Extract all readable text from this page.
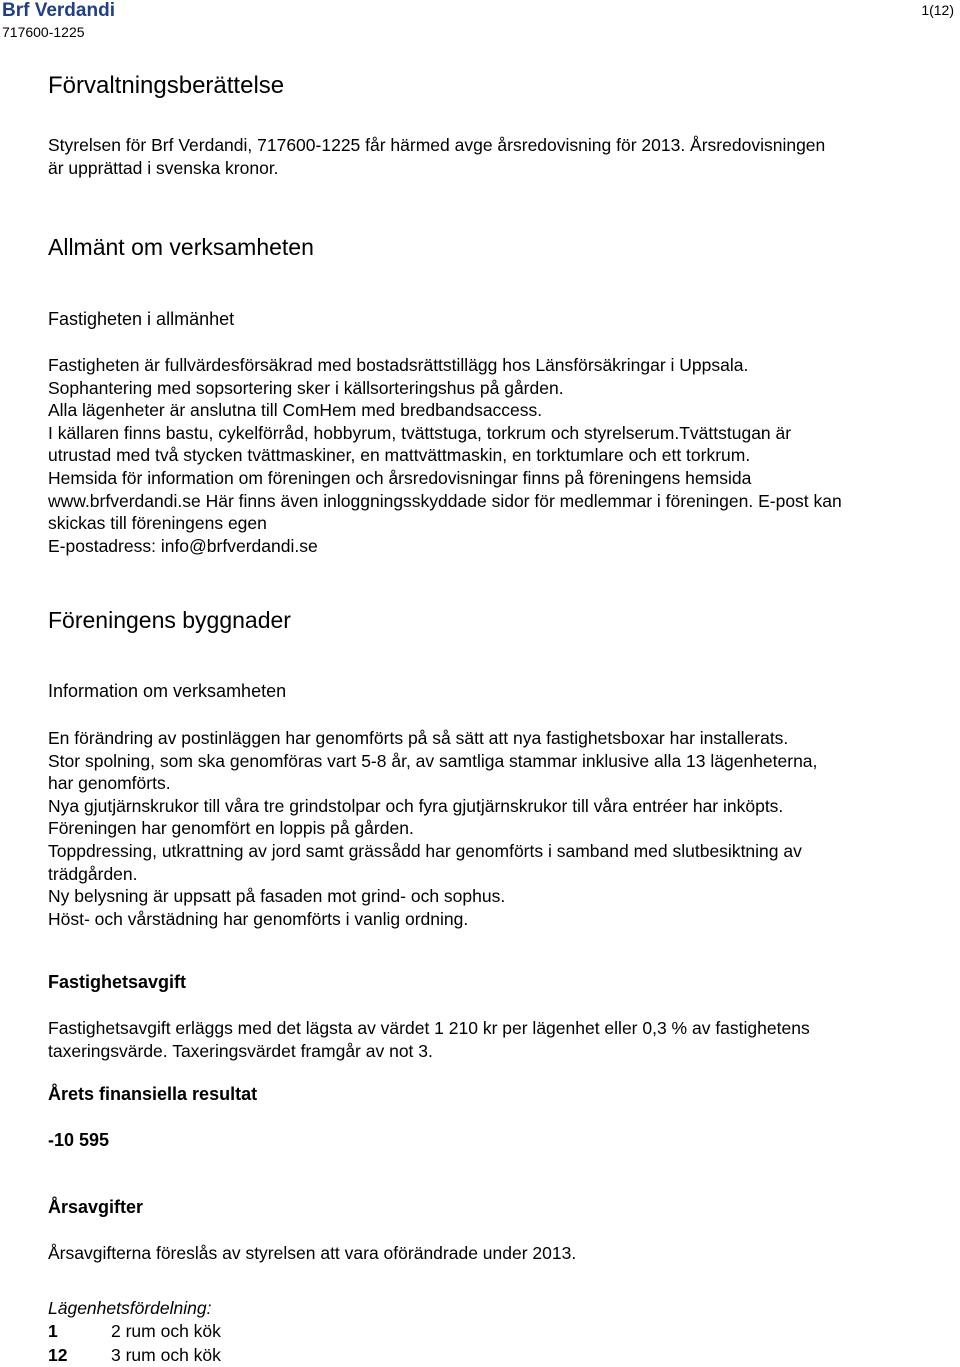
Brf Verdandi
717600-1225
1(12)
Förvaltningsberättelse
Styrelsen för Brf Verdandi, 717600-1225 får härmed avge årsredovisning för 2013. Årsredovisningen
är upprättad i svenska kronor.
Allmänt om verksamheten
Fastigheten i allmänhet
Fastigheten är fullvärdesförsäkrad med bostadsrättstillägg hos Länsförsäkringar i Uppsala.
Sophantering med sopsortering sker i källsorteringshus på gården.
Alla lägenheter är anslutna till ComHem med bredbandsaccess.
I källaren finns bastu, cykelförråd, hobbyrum, tvättstuga, torkrum och styrelserum.Tvättstugan är
utrustad med två stycken tvättmaskiner, en mattvättmaskin, en torktumlare och ett torkrum.
Hemsida för information om föreningen och årsredovisningar finns på föreningens hemsida
www.brfverdandi.se Här finns även inloggningsskyddade sidor för medlemmar i föreningen. E-post kan
skickas till föreningens egen
E-postadress: info@brfverdandi.se
Föreningens byggnader
Information om verksamheten
En förändring av postinläggen har genomförts på så sätt att nya fastighetsboxar har installerats.
Stor spolning, som ska genomföras vart 5-8 år, av samtliga stammar inklusive alla 13 lägenheterna,
har genomförts.
Nya gjutjärnskrukor till våra tre grindstolpar och fyra gjutjärnskrukor till våra entréer har inköpts.
Föreningen har genomfört en loppis på gården.
Toppdressing, utkrattning av jord samt grässådd har genomförts i samband med slutbesiktning av
trädgården.
Ny belysning är uppsatt på fasaden mot grind- och sophus.
Höst- och vårstädning har genomförts i vanlig ordning.
Fastighetsavgift
Fastighetsavgift erläggs med det lägsta av värdet 1 210 kr per lägenhet eller 0,3 % av fastighetens
taxeringsvärde. Taxeringsvärdet framgår av not 3.
Årets finansiella resultat
-10 595
Årsavgifter
Årsavgifterna föreslås av styrelsen att vara oförändrade under 2013.
Lägenhetsfördelning:
1	2 rum och kök
12	3 rum och kök
